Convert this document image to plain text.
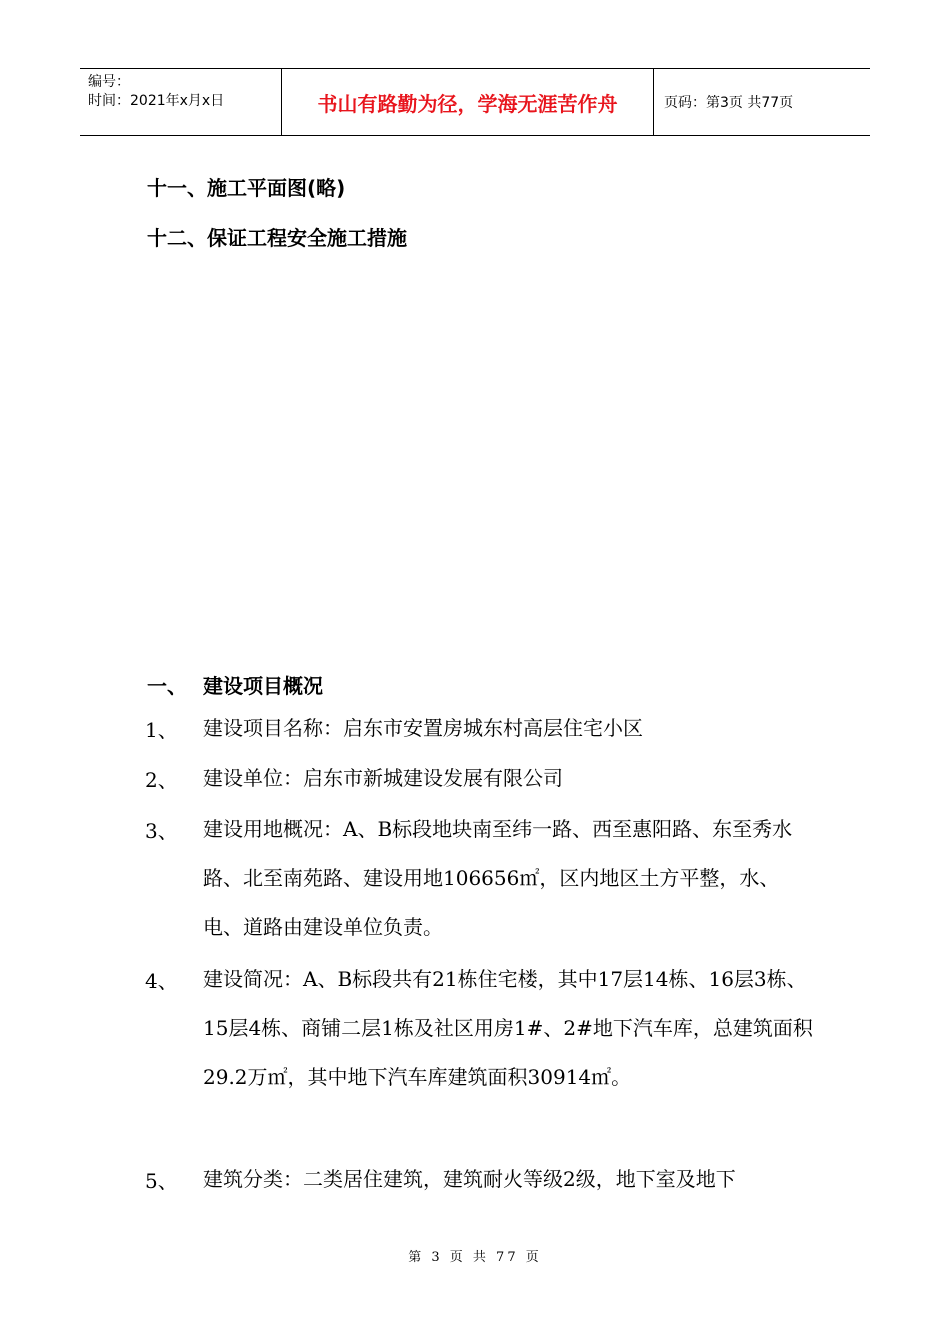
编号：
时间：2021年x月x日	书山有路勤为径，学海无涯苦作舟	页码：第3页 共77页
十一、施工平面图(略)
十二、保证工程安全施工措施
一、 建设项目概况
1、 建设项目名称：启东市安置房城东村高层住宅小区
2、 建设单位：启东市新城建设发展有限公司
3、 建设用地概况：A、B标段地块南至纬一路、西至惠阳路、东至秀水路、北至南苑路、建设用地106656㎡，区内地区土方平整，水、电、道路由建设单位负责。
4、 建设简况：A、B标段共有21栋住宅楼，其中17层14栋、16层3栋、15层4栋、商铺二层1栋及社区用房1#、2#地下汽车库，总建筑面积29.2万㎡，其中地下汽车库建筑面积30914㎡。
5、 建筑分类：二类居住建筑，建筑耐火等级2级，地下室及地下
第 3 页 共 77 页
